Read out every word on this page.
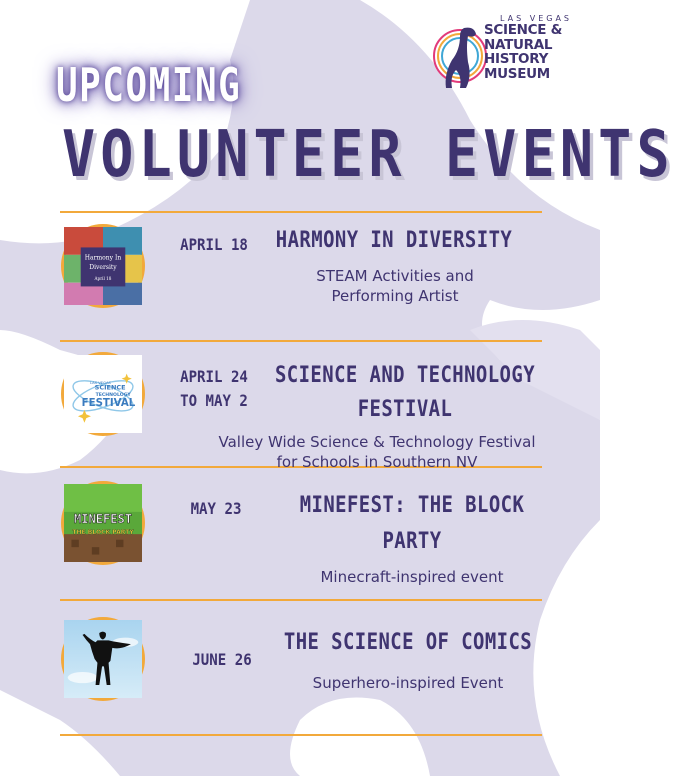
LAS VEGAS
SCIENCE &
NATURAL
HISTORY
MUSEUM
UPCOMING
VOLUNTEER EVENTS
Harmony In
Diversity
April 18
APRIL 18 HARMONY IN DIVERSITY
STEAM Activities and
Performing Artist
LAS VEGAS
SCIENCE
TECHNOLOGY
FESTIVAL
APRIL 24
TO MAY 2
SCIENCE AND TECHNOLOGY
FESTIVAL
Valley Wide Science & Technology Festival
for Schools in Southern NV
MINEFEST
THE BLOCK PARTY
MAY 23	MINEFEST: THE BLOCK
PARTY
Minecraft-inspired event
JUNE 26
THE SCIENCE OF COMICS
Superhero-inspired Event
